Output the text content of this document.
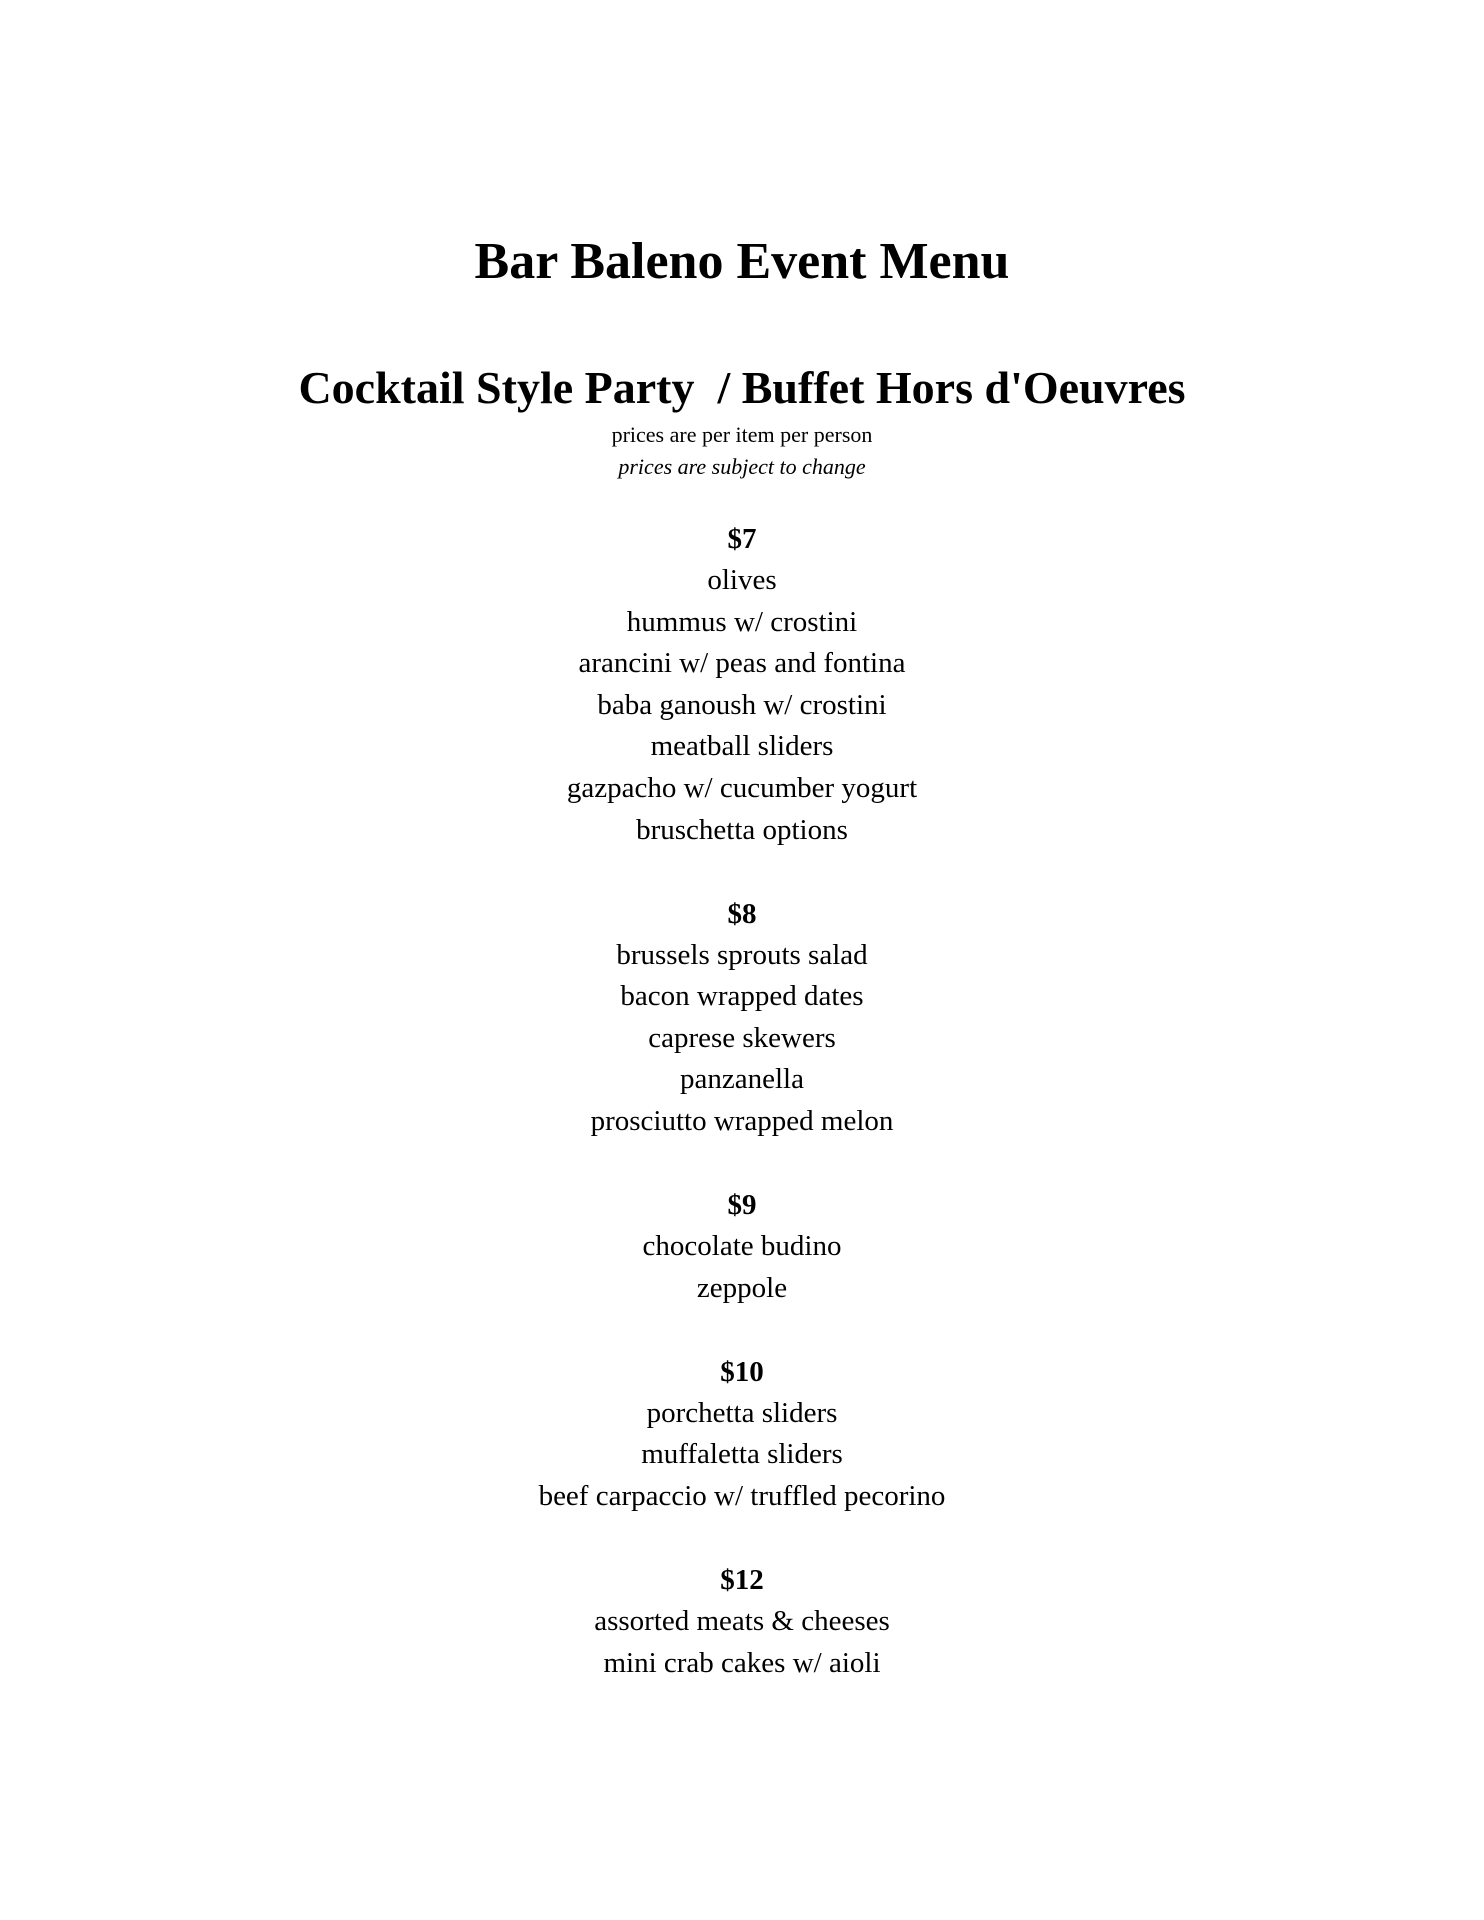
Bar Baleno Event Menu
Cocktail Style Party  / Buffet Hors d'Oeuvres

prices are per item per person

prices are subject to change

$7
olives
hummus w/ crostini
arancini w/ peas and fontina
baba ganoush w/ crostini
meatball sliders
gazpacho w/ cucumber yogurt
bruschetta options
$8
brussels sprouts salad
bacon wrapped dates
caprese skewers
panzanella
prosciutto wrapped melon
$9
chocolate budino
zeppole
$10
porchetta sliders
muffaletta sliders
beef carpaccio w/ truffled pecorino
$12
assorted meats & cheeses
mini crab cakes w/ aioli
